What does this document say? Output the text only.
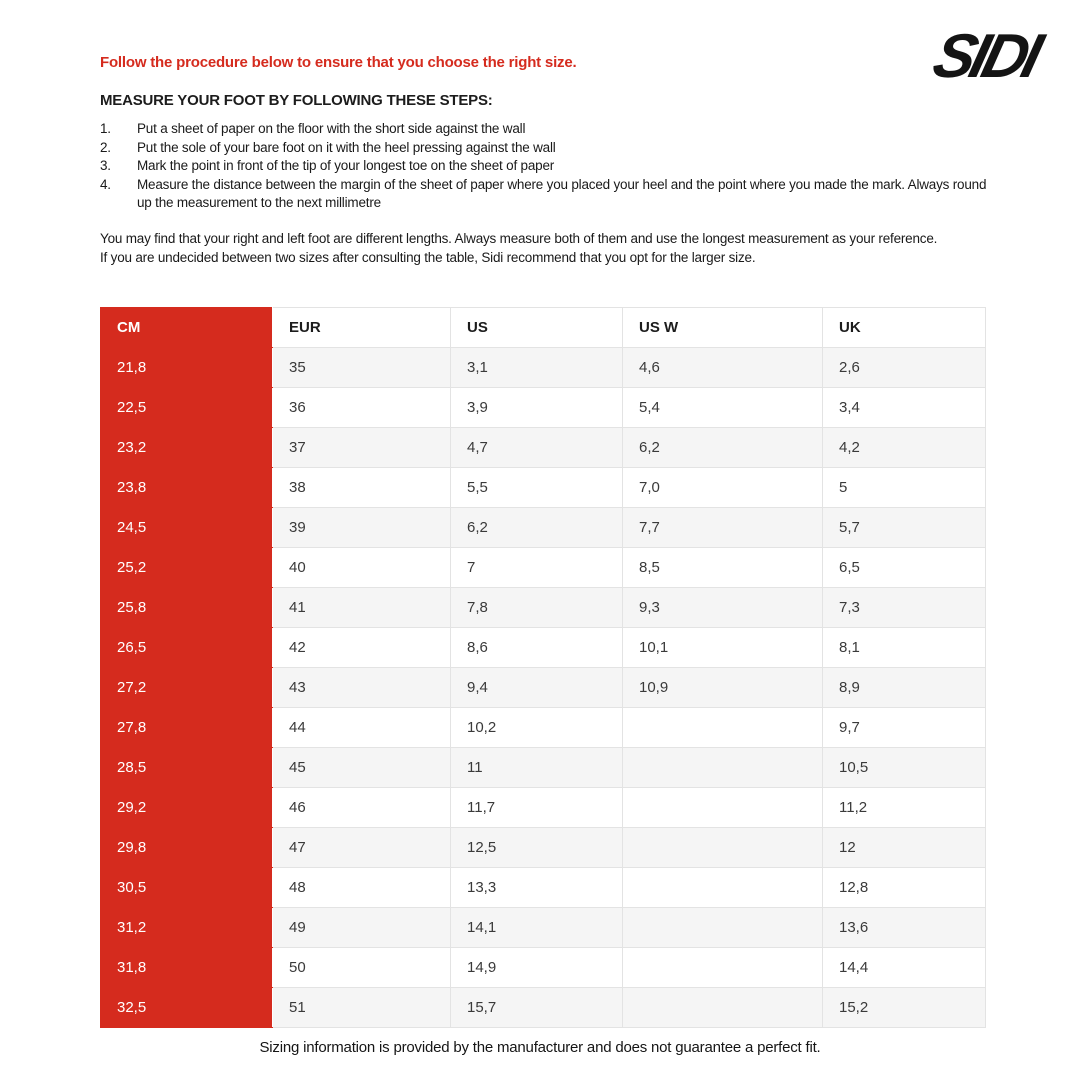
Follow the procedure below to ensure that you choose the right size.	SIDI
MEASURE YOUR FOOT BY FOLLOWING THESE STEPS:
1.	Put a sheet of paper on the floor with the short side against the wall
2.	Put the sole of your bare foot on it with the heel pressing against the wall
3.	Mark the point in front of the tip of your longest toe on the sheet of paper
4.	Measure the distance between the margin of the sheet of paper where you placed your heel and the point where you made the mark. Always round up the measurement to the next millimetre
You may find that your right and left foot are different lengths. Always measure both of them and use the longest measurement as your reference.
If you are undecided between two sizes after consulting the table, Sidi recommend that you opt for the larger size.
CM	EUR	US	US W	UK
21,8	35	3,1	4,6	2,6
22,5	36	3,9	5,4	3,4
23,2	37	4,7	6,2	4,2
23,8	38	5,5	7,0	5
24,5	39	6,2	7,7	5,7
25,2	40	7	8,5	6,5
25,8	41	7,8	9,3	7,3
26,5	42	8,6	10,1	8,1
27,2	43	9,4	10,9	8,9
27,8	44	10,2		9,7
28,5	45	11		10,5
29,2	46	11,7		11,2
29,8	47	12,5		12
30,5	48	13,3		12,8
31,2	49	14,1		13,6
31,8	50	14,9		14,4
32,5	51	15,7		15,2
Sizing information is provided by the manufacturer and does not guarantee a perfect fit.
